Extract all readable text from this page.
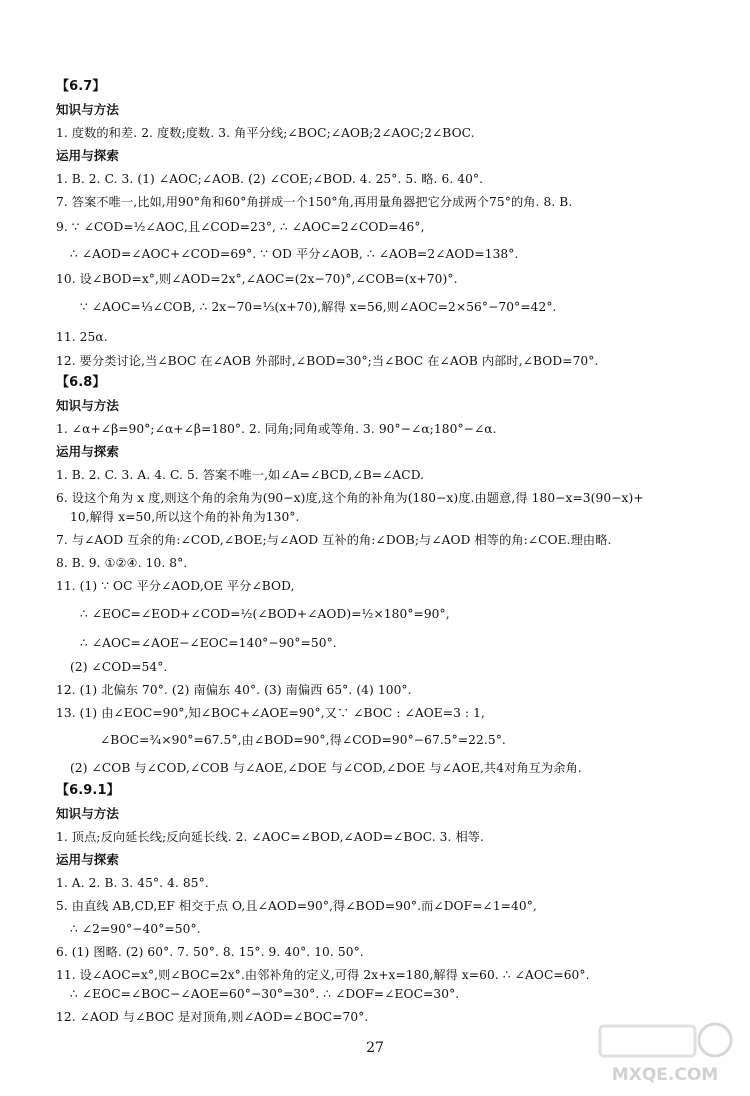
【6.7】
知识与方法
1. 度数的和差. 2. 度数;度数. 3. 角平分线;∠BOC;∠AOB;2∠AOC;2∠BOC.
运用与探索
1. B. 2. C. 3. (1) ∠AOC;∠AOB. (2) ∠COE;∠BOD. 4. 25°. 5. 略. 6. 40°.
7. 答案不唯一,比如,用90°角和60°角拼成一个150°角,再用量角器把它分成两个75°的角. 8. B.
9. ∵ ∠COD=½∠AOC,且∠COD=23°, ∴ ∠AOC=2∠COD=46°,
∴ ∠AOD=∠AOC+∠COD=69°. ∵ OD 平分∠AOB, ∴ ∠AOB=2∠AOD=138°.
10. 设∠BOD=x°,则∠AOD=2x°,∠AOC=(2x−70)°,∠COB=(x+70)°.
∵ ∠AOC=⅓∠COB, ∴ 2x−70=⅓(x+70),解得 x=56,则∠AOC=2×56°−70°=42°.
11. 25α.
12. 要分类讨论,当∠BOC 在∠AOB 外部时,∠BOD=30°;当∠BOC 在∠AOB 内部时,∠BOD=70°.
【6.8】
知识与方法
1. ∠α+∠β=90°;∠α+∠β=180°. 2. 同角;同角或等角. 3. 90°−∠α;180°−∠α.
运用与探索
1. B. 2. C. 3. A. 4. C. 5. 答案不唯一,如∠A=∠BCD,∠B=∠ACD.
6. 设这个角为 x 度,则这个角的余角为(90−x)度,这个角的补角为(180−x)度.由题意,得 180−x=3(90−x)+
10,解得 x=50,所以这个角的补角为130°.
7. 与∠AOD 互余的角:∠COD,∠BOE;与∠AOD 互补的角:∠DOB;与∠AOD 相等的角:∠COE.理由略.
8. B. 9. ①②④. 10. 8°.
11. (1) ∵ OC 平分∠AOD,OE 平分∠BOD,
∴ ∠EOC=∠EOD+∠COD=½(∠BOD+∠AOD)=½×180°=90°,
∴ ∠AOC=∠AOE−∠EOC=140°−90°=50°.
(2) ∠COD=54°.
12. (1) 北偏东 70°. (2) 南偏东 40°. (3) 南偏西 65°. (4) 100°.
13. (1) 由∠EOC=90°,知∠BOC+∠AOE=90°,又∵ ∠BOC : ∠AOE=3 : 1,
∠BOC=¾×90°=67.5°,由∠BOD=90°,得∠COD=90°−67.5°=22.5°.
(2) ∠COB 与∠COD,∠COB 与∠AOE,∠DOE 与∠COD,∠DOE 与∠AOE,共4对角互为余角.
【6.9.1】
知识与方法
1. 顶点;反向延长线;反向延长线. 2. ∠AOC=∠BOD,∠AOD=∠BOC. 3. 相等.
运用与探索
1. A. 2. B. 3. 45°. 4. 85°.
5. 由直线 AB,CD,EF 相交于点 O,且∠AOD=90°,得∠BOD=90°.而∠DOF=∠1=40°,
∴ ∠2=90°−40°=50°.
6. (1) 图略. (2) 60°. 7. 50°. 8. 15°. 9. 40°. 10. 50°.
11. 设∠AOC=x°,则∠BOC=2x°.由邻补角的定义,可得 2x+x=180,解得 x=60. ∴ ∠AOC=60°.
∴ ∠EOC=∠BOC−∠AOE=60°−30°=30°. ∴ ∠DOF=∠EOC=30°.
12. ∠AOD 与∠BOC 是对顶角,则∠AOD=∠BOC=70°.
27
MXQE.COM
